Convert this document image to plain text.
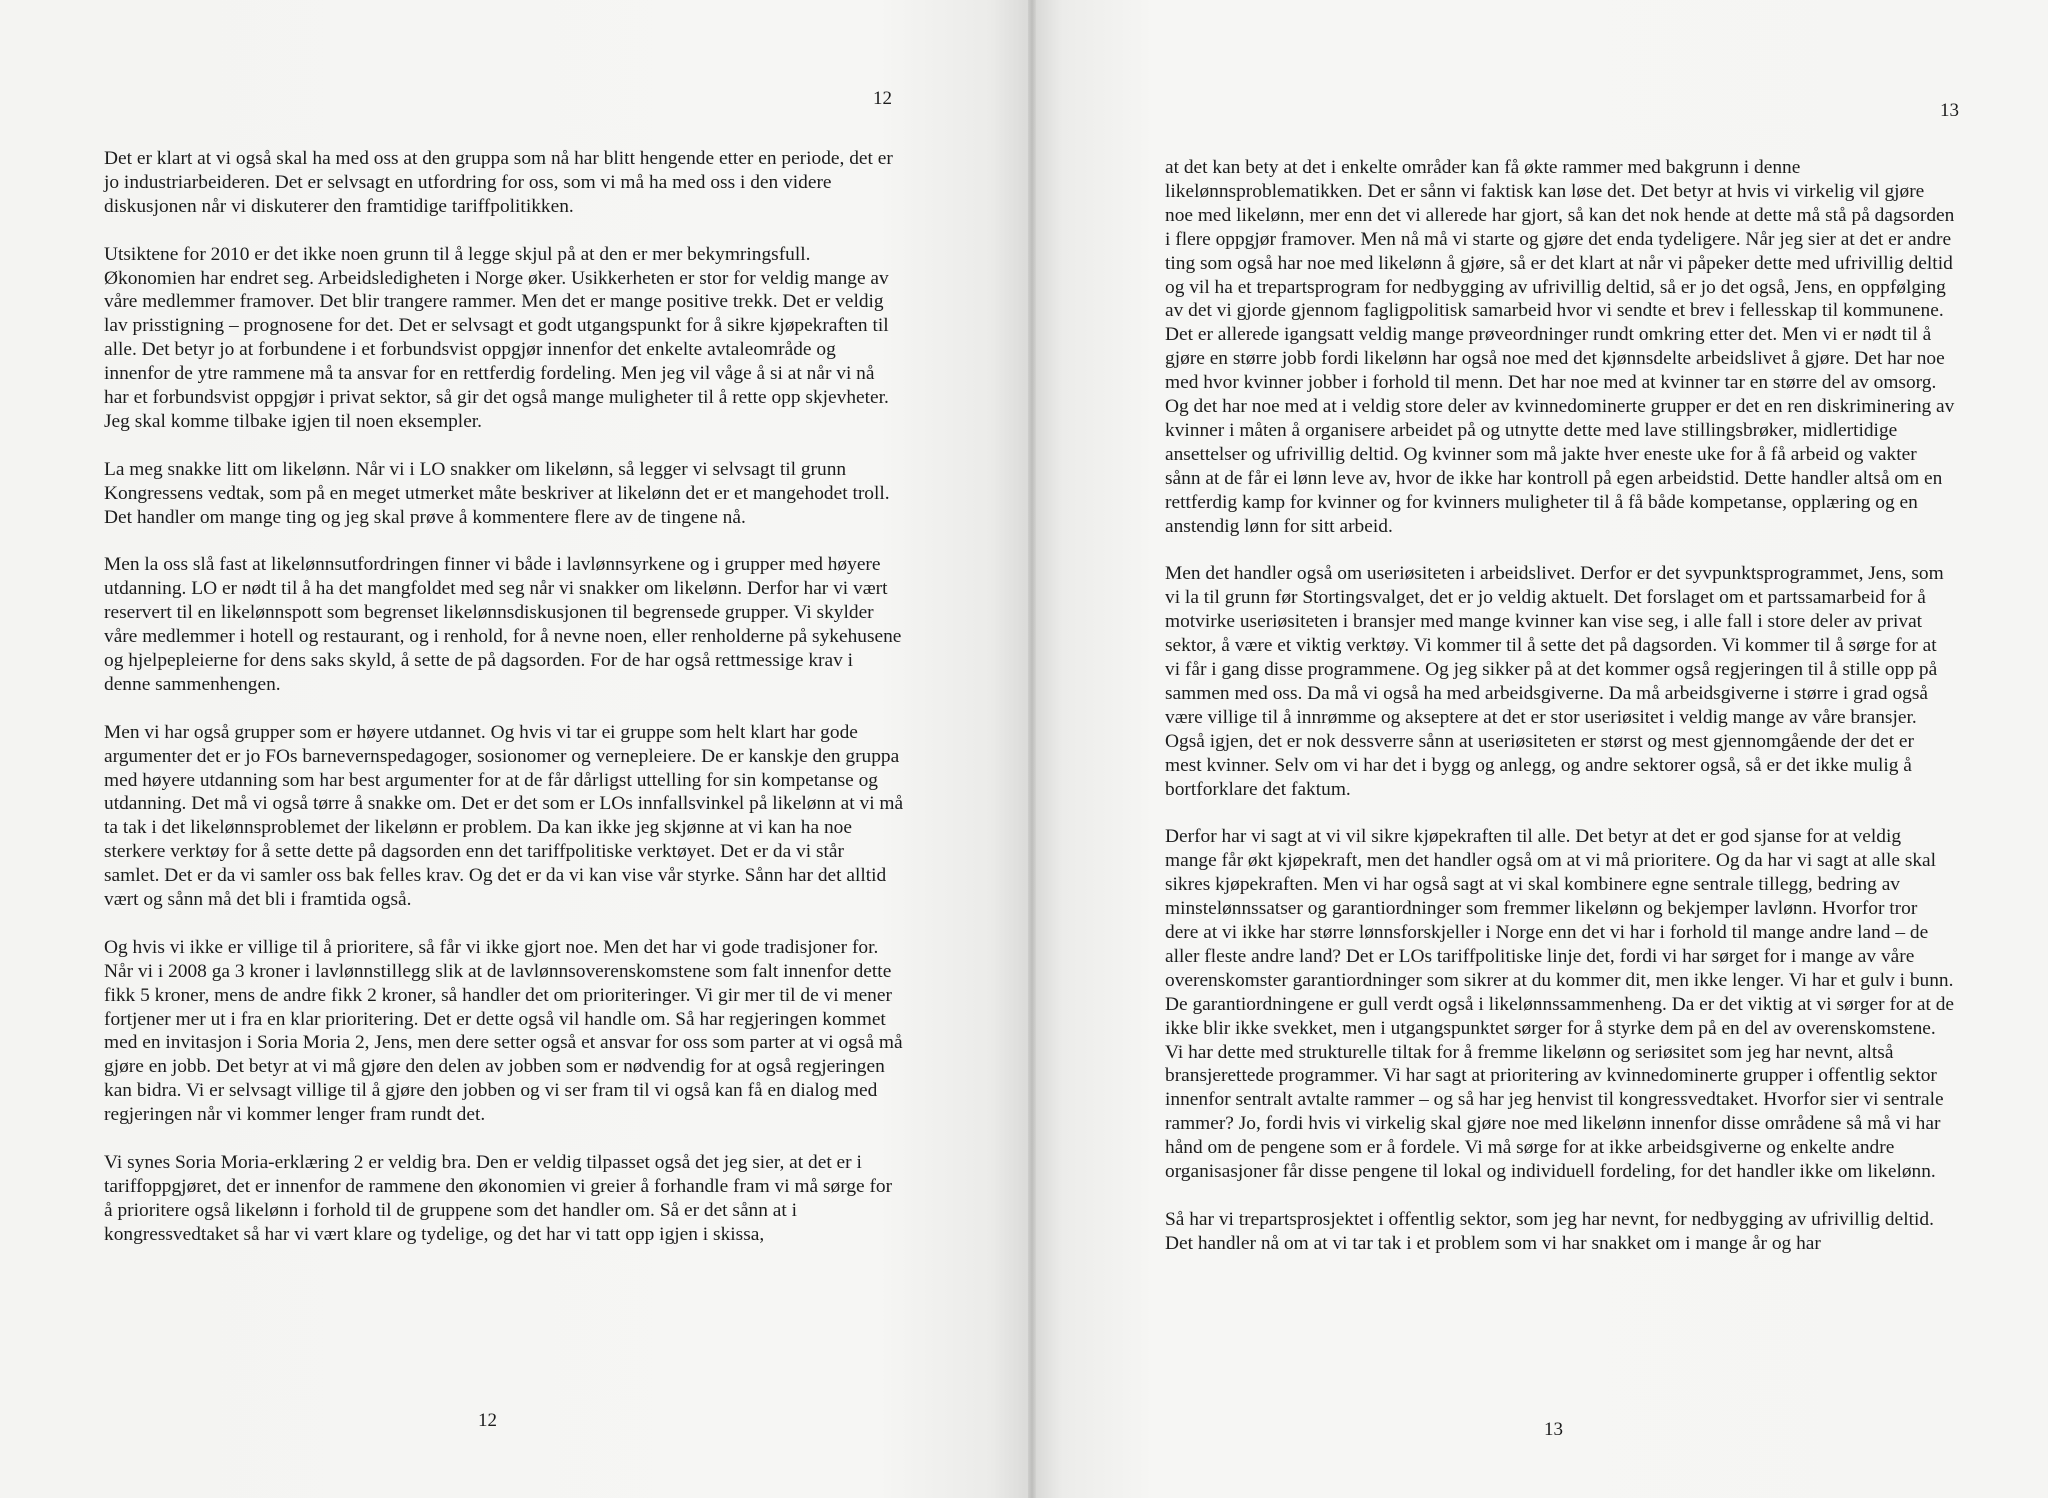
12

Det er klart at vi også skal ha med oss at den gruppa som nå har blitt hengende etter en periode, det er jo industriarbeideren. Det er selvsagt en utfordring for oss, som vi må ha med oss i den videre diskusjonen når vi diskuterer den framtidige tariffpolitikken.

Utsiktene for 2010 er det ikke noen grunn til å legge skjul på at den er mer bekymringsfull. Økonomien har endret seg. Arbeidsledigheten i Norge øker. Usikkerheten er stor for veldig mange av våre medlemmer framover. Det blir trangere rammer. Men det er mange positive trekk. Det er veldig lav prisstigning – prognosene for det. Det er selvsagt et godt utgangspunkt for å sikre kjøpekraften til alle. Det betyr jo at forbundene i et forbundsvist oppgjør innenfor det enkelte avtaleområde og innenfor de ytre rammene må ta ansvar for en rettferdig fordeling. Men jeg vil våge å si at når vi nå har et forbundsvist oppgjør i privat sektor, så gir det også mange muligheter til å rette opp skjevheter. Jeg skal komme tilbake igjen til noen eksempler.

La meg snakke litt om likelønn. Når vi i LO snakker om likelønn, så legger vi selvsagt til grunn Kongressens vedtak, som på en meget utmerket måte beskriver at likelønn det er et mangehodet troll. Det handler om mange ting og jeg skal prøve å kommentere flere av de tingene nå.

Men la oss slå fast at likelønnsutfordringen finner vi både i lavlønnsyrkene og i grupper med høyere utdanning. LO er nødt til å ha det mangfoldet med seg når vi snakker om likelønn. Derfor har vi vært reservert til en likelønnspott som begrenset likelønnsdiskusjonen til begrensede grupper. Vi skylder våre medlemmer i hotell og restaurant, og i renhold, for å nevne noen, eller renholderne på sykehusene og hjelpepleierne for dens saks skyld, å sette de på dagsorden. For de har også rettmessige krav i denne sammenhengen.

Men vi har også grupper som er høyere utdannet. Og hvis vi tar ei gruppe som helt klart har gode argumenter det er jo FOs barnevernspedagoger, sosionomer og vernepleiere. De er kanskje den gruppa med høyere utdanning som har best argumenter for at de får dårligst uttelling for sin kompetanse og utdanning. Det må vi også tørre å snakke om. Det er det som er LOs innfallsvinkel på likelønn at vi må ta tak i det likelønnsproblemet der likelønn er problem. Da kan ikke jeg skjønne at vi kan ha noe sterkere verktøy for å sette dette på dagsorden enn det tariffpolitiske verktøyet. Det er da vi står samlet. Det er da vi samler oss bak felles krav. Og det er da vi kan vise vår styrke. Sånn har det alltid vært og sånn må det bli i framtida også.

Og hvis vi ikke er villige til å prioritere, så får vi ikke gjort noe. Men det har vi gode tradisjoner for. Når vi i 2008 ga 3 kroner i lavlønnstillegg slik at de lavlønnsoverenskomstene som falt innenfor dette fikk 5 kroner, mens de andre fikk 2 kroner, så handler det om prioriteringer. Vi gir mer til de vi mener fortjener mer ut i fra en klar prioritering. Det er dette også vil handle om. Så har regjeringen kommet med en invitasjon i Soria Moria 2, Jens, men dere setter også et ansvar for oss som parter at vi også må gjøre en jobb. Det betyr at vi må gjøre den delen av jobben som er nødvendig for at også regjeringen kan bidra. Vi er selvsagt villige til å gjøre den jobben og vi ser fram til vi også kan få en dialog med regjeringen når vi kommer lenger fram rundt det.

Vi synes Soria Moria-erklæring 2 er veldig bra. Den er veldig tilpasset også det jeg sier, at det er i tariffoppgjøret, det er innenfor de rammene den økonomien vi greier å forhandle fram vi må sørge for å prioritere også likelønn i forhold til de gruppene som det handler om. Så er det sånn at i kongressvedtaket så har vi vært klare og tydelige, og det har vi tatt opp igjen i skissa,

12
13

at det kan bety at det i enkelte områder kan få økte rammer med bakgrunn i denne likelønnsproblematikken. Det er sånn vi faktisk kan løse det. Det betyr at hvis vi virkelig vil gjøre noe med likelønn, mer enn det vi allerede har gjort, så kan det nok hende at dette må stå på dagsorden i flere oppgjør framover. Men nå må vi starte og gjøre det enda tydeligere. Når jeg sier at det er andre ting som også har noe med likelønn å gjøre, så er det klart at når vi påpeker dette med ufrivillig deltid og vil ha et trepartsprogram for nedbygging av ufrivillig deltid, så er jo det også, Jens, en oppfølging av det vi gjorde gjennom fagligpolitisk samarbeid hvor vi sendte et brev i fellesskap til kommunene. Det er allerede igangsatt veldig mange prøveordninger rundt omkring etter det. Men vi er nødt til å gjøre en større jobb fordi likelønn har også noe med det kjønnsdelte arbeidslivet å gjøre. Det har noe med hvor kvinner jobber i forhold til menn. Det har noe med at kvinner tar en større del av omsorg. Og det har noe med at i veldig store deler av kvinnedominerte grupper er det en ren diskriminering av kvinner i måten å organisere arbeidet på og utnytte dette med lave stillingsbrøker, midlertidige ansettelser og ufrivillig deltid. Og kvinner som må jakte hver eneste uke for å få arbeid og vakter sånn at de får ei lønn leve av, hvor de ikke har kontroll på egen arbeidstid. Dette handler altså om en rettferdig kamp for kvinner og for kvinners muligheter til å få både kompetanse, opplæring og en anstendig lønn for sitt arbeid.

Men det handler også om useriøsiteten i arbeidslivet. Derfor er det syvpunktsprogrammet, Jens, som vi la til grunn før Stortingsvalget, det er jo veldig aktuelt. Det forslaget om et partssamarbeid for å motvirke useriøsiteten i bransjer med mange kvinner kan vise seg, i alle fall i store deler av privat sektor, å være et viktig verktøy. Vi kommer til å sette det på dagsorden. Vi kommer til å sørge for at vi får i gang disse programmene. Og jeg sikker på at det kommer også regjeringen til å stille opp på sammen med oss. Da må vi også ha med arbeidsgiverne. Da må arbeidsgiverne i større i grad også være villige til å innrømme og akseptere at det er stor useriøsitet i veldig mange av våre bransjer. Også igjen, det er nok dessverre sånn at useriøsiteten er størst og mest gjennomgående der det er mest kvinner. Selv om vi har det i bygg og anlegg, og andre sektorer også, så er det ikke mulig å bortforklare det faktum.

Derfor har vi sagt at vi vil sikre kjøpekraften til alle. Det betyr at det er god sjanse for at veldig mange får økt kjøpekraft, men det handler også om at vi må prioritere. Og da har vi sagt at alle skal sikres kjøpekraften. Men vi har også sagt at vi skal kombinere egne sentrale tillegg, bedring av minstelønnssatser og garantiordninger som fremmer likelønn og bekjemper lavlønn. Hvorfor tror dere at vi ikke har større lønnsforskjeller i Norge enn det vi har i forhold til mange andre land – de aller fleste andre land? Det er LOs tariffpolitiske linje det, fordi vi har sørget for i mange av våre overenskomster garantiordninger som sikrer at du kommer dit, men ikke lenger. Vi har et gulv i bunn. De garantiordningene er gull verdt også i likelønnssammenheng. Da er det viktig at vi sørger for at de ikke blir ikke svekket, men i utgangspunktet sørger for å styrke dem på en del av overenskomstene. Vi har dette med strukturelle tiltak for å fremme likelønn og seriøsitet som jeg har nevnt, altså bransjerettede programmer. Vi har sagt at prioritering av kvinnedominerte grupper i offentlig sektor innenfor sentralt avtalte rammer – og så har jeg henvist til kongressvedtaket. Hvorfor sier vi sentrale rammer? Jo, fordi hvis vi virkelig skal gjøre noe med likelønn innenfor disse områdene så må vi har hånd om de pengene som er å fordele. Vi må sørge for at ikke arbeidsgiverne og enkelte andre organisasjoner får disse pengene til lokal og individuell fordeling, for det handler ikke om likelønn.

Så har vi trepartsprosjektet i offentlig sektor, som jeg har nevnt, for nedbygging av ufrivillig deltid. Det handler nå om at vi tar tak i et problem som vi har snakket om i mange år og har

13
